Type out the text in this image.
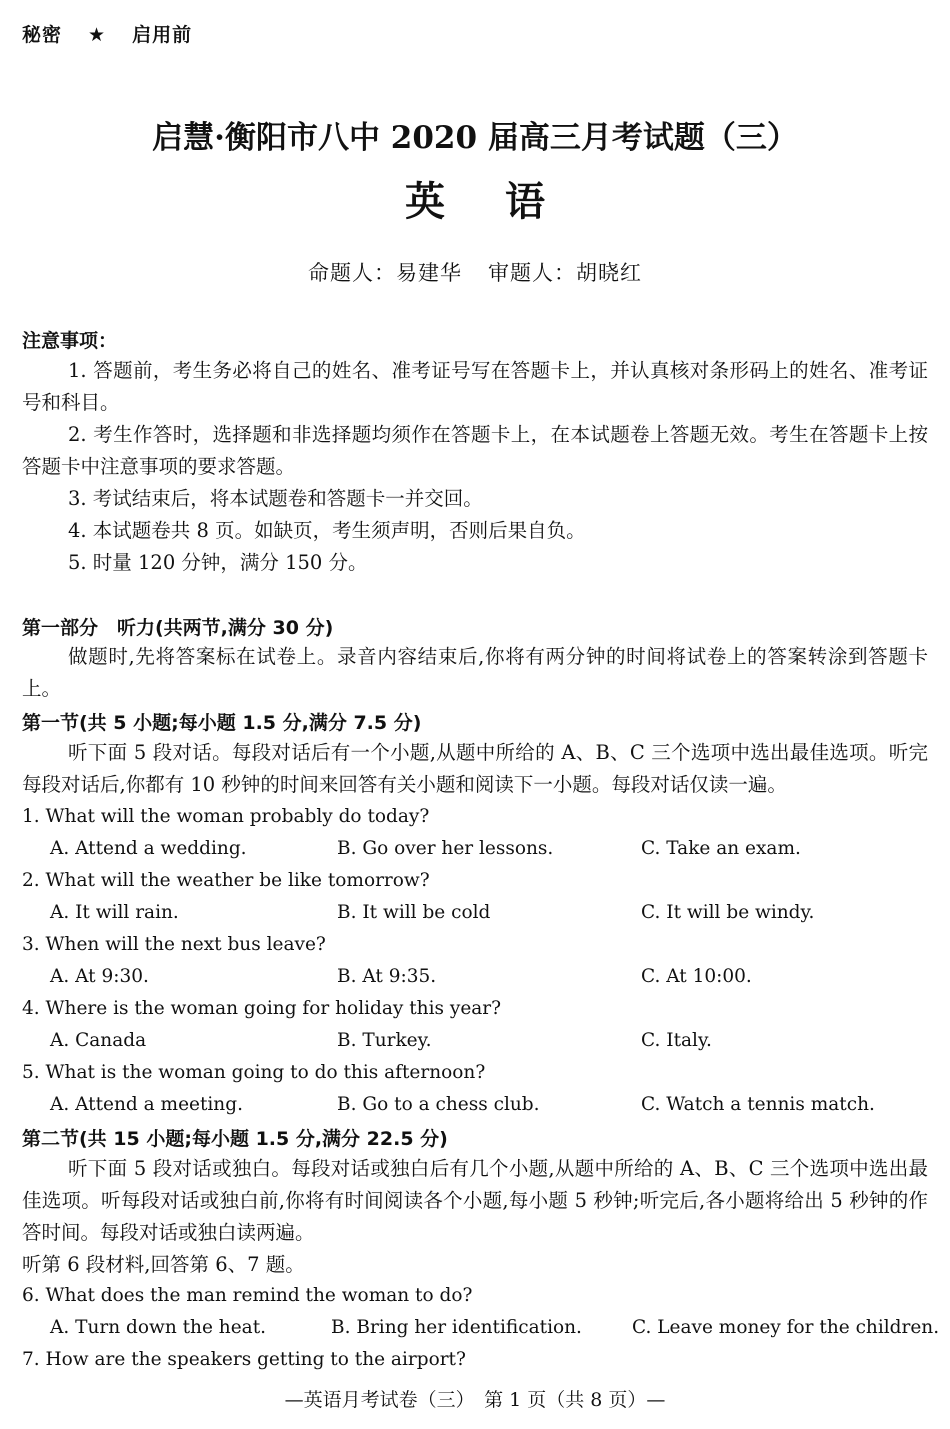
秘密 ★ 启用前
启慧·衡阳市八中 2020 届高三月考试题（三）
英语
命题人：易建华 审题人：胡晓红
注意事项：
1. 答题前，考生务必将自己的姓名、准考证号写在答题卡上，并认真核对条形码上的姓名、准考证号和科目。
2. 考生作答时，选择题和非选择题均须作在答题卡上，在本试题卷上答题无效。考生在答题卡上按答题卡中注意事项的要求答题。
3. 考试结束后，将本试题卷和答题卡一并交回。
4. 本试题卷共 8 页。如缺页，考生须声明，否则后果自负。
5. 时量 120 分钟，满分 150 分。
第一部分　听力(共两节,满分 30 分)
做题时,先将答案标在试卷上。录音内容结束后,你将有两分钟的时间将试卷上的答案转涂到答题卡上。
第一节(共 5 小题;每小题 1.5 分,满分 7.5 分)
听下面 5 段对话。每段对话后有一个小题,从题中所给的 A、B、C 三个选项中选出最佳选项。听完每段对话后,你都有 10 秒钟的时间来回答有关小题和阅读下一小题。每段对话仅读一遍。
1. What will the woman probably do today?
A. Attend a wedding.	B. Go over her lessons.	C. Take an exam.
2. What will the weather be like tomorrow?
A. It will rain.	B. It will be cold	C. It will be windy.
3. When will the next bus leave?
A. At 9:30.	B. At 9:35.	C. At 10:00.
4. Where is the woman going for holiday this year?
A. Canada	B. Turkey.	C. Italy.
5. What is the woman going to do this afternoon?
A. Attend a meeting.	B. Go to a chess club.	C. Watch a tennis match.
第二节(共 15 小题;每小题 1.5 分,满分 22.5 分)
听下面 5 段对话或独白。每段对话或独白后有几个小题,从题中所给的 A、B、C 三个选项中选出最佳选项。听每段对话或独白前,你将有时间阅读各个小题,每小题 5 秒钟;听完后,各小题将给出 5 秒钟的作答时间。每段对话或独白读两遍。
听第 6 段材料,回答第 6、7 题。
6. What does the man remind the woman to do?
A. Turn down the heat.	B. Bring her identification.	C. Leave money for the children.
7. How are the speakers getting to the airport?
—英语月考试卷（三）　第 1 页（共 8 页）—
